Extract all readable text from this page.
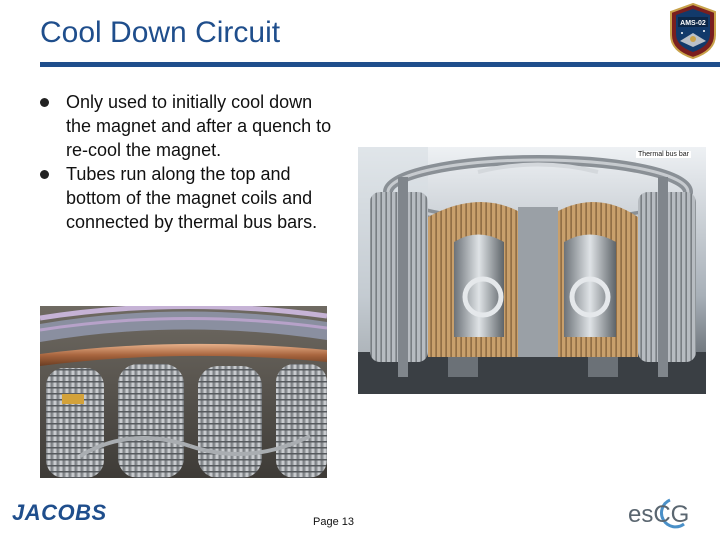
Cool Down Circuit	AMS-02
Only used to initially cool down the magnet and after a quench to re-cool the magnet.
Tubes run along the top and bottom of the magnet coils and connected by thermal bus bars.
Thermal bus bar
JACOBS	Page 13	esCG
